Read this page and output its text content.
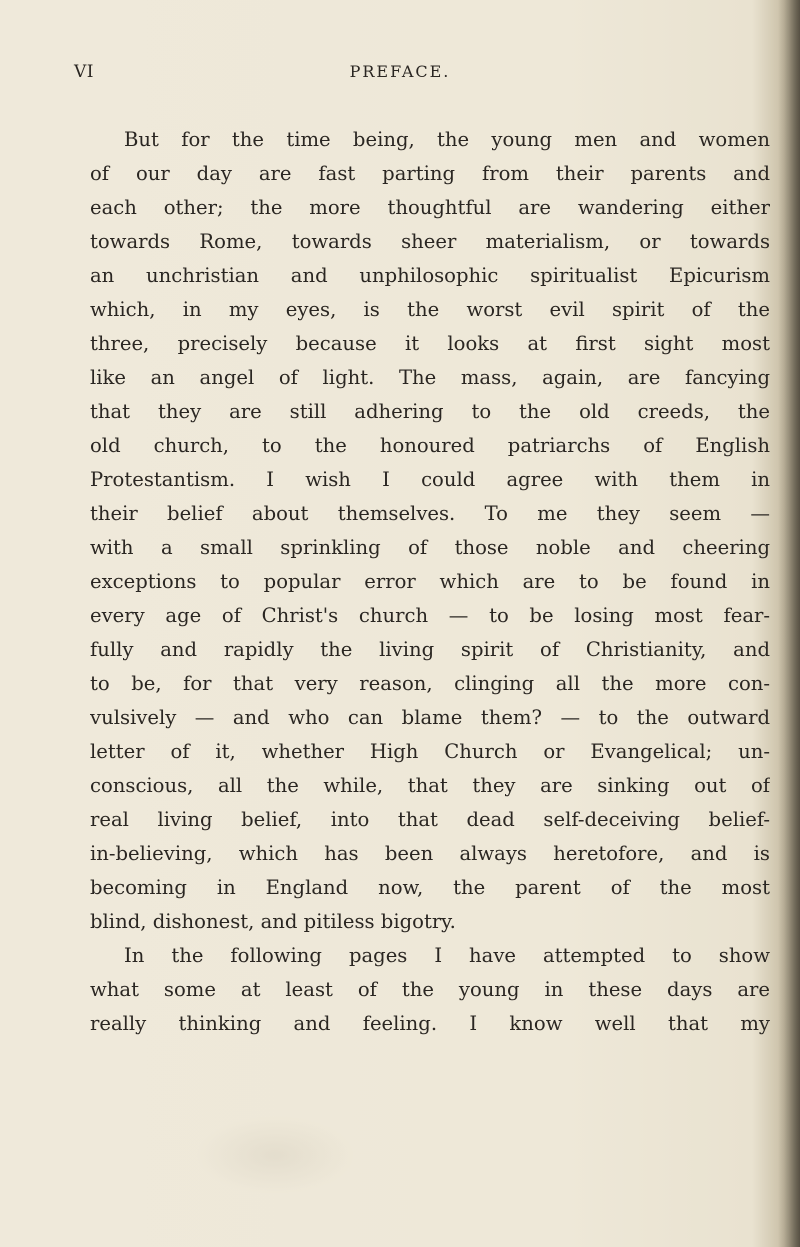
VI	PREFACE.
But for the time being, the young men and women
of our day are fast parting from their parents and
each other; the more thoughtful are wandering either
towards Rome, towards sheer materialism, or towards
an unchristian and unphilosophic spiritualist Epicurism
which, in my eyes, is the worst evil spirit of the
three, precisely because it looks at first sight most
like an angel of light. The mass, again, are fancying
that they are still adhering to the old creeds, the
old church, to the honoured patriarchs of English
Protestantism. I wish I could agree with them in
their belief about themselves. To me they seem —
with a small sprinkling of those noble and cheering
exceptions to popular error which are to be found in
every age of Christ's church — to be losing most fear-
fully and rapidly the living spirit of Christianity, and
to be, for that very reason, clinging all the more con-
vulsively — and who can blame them? — to the outward
letter of it, whether High Church or Evangelical; un-
conscious, all the while, that they are sinking out of
real living belief, into that dead self-deceiving belief-
in-believing, which has been always heretofore, and is
becoming in England now, the parent of the most
blind, dishonest, and pitiless bigotry.
In the following pages I have attempted to show
what some at least of the young in these days are
really thinking and feeling. I know well that my
